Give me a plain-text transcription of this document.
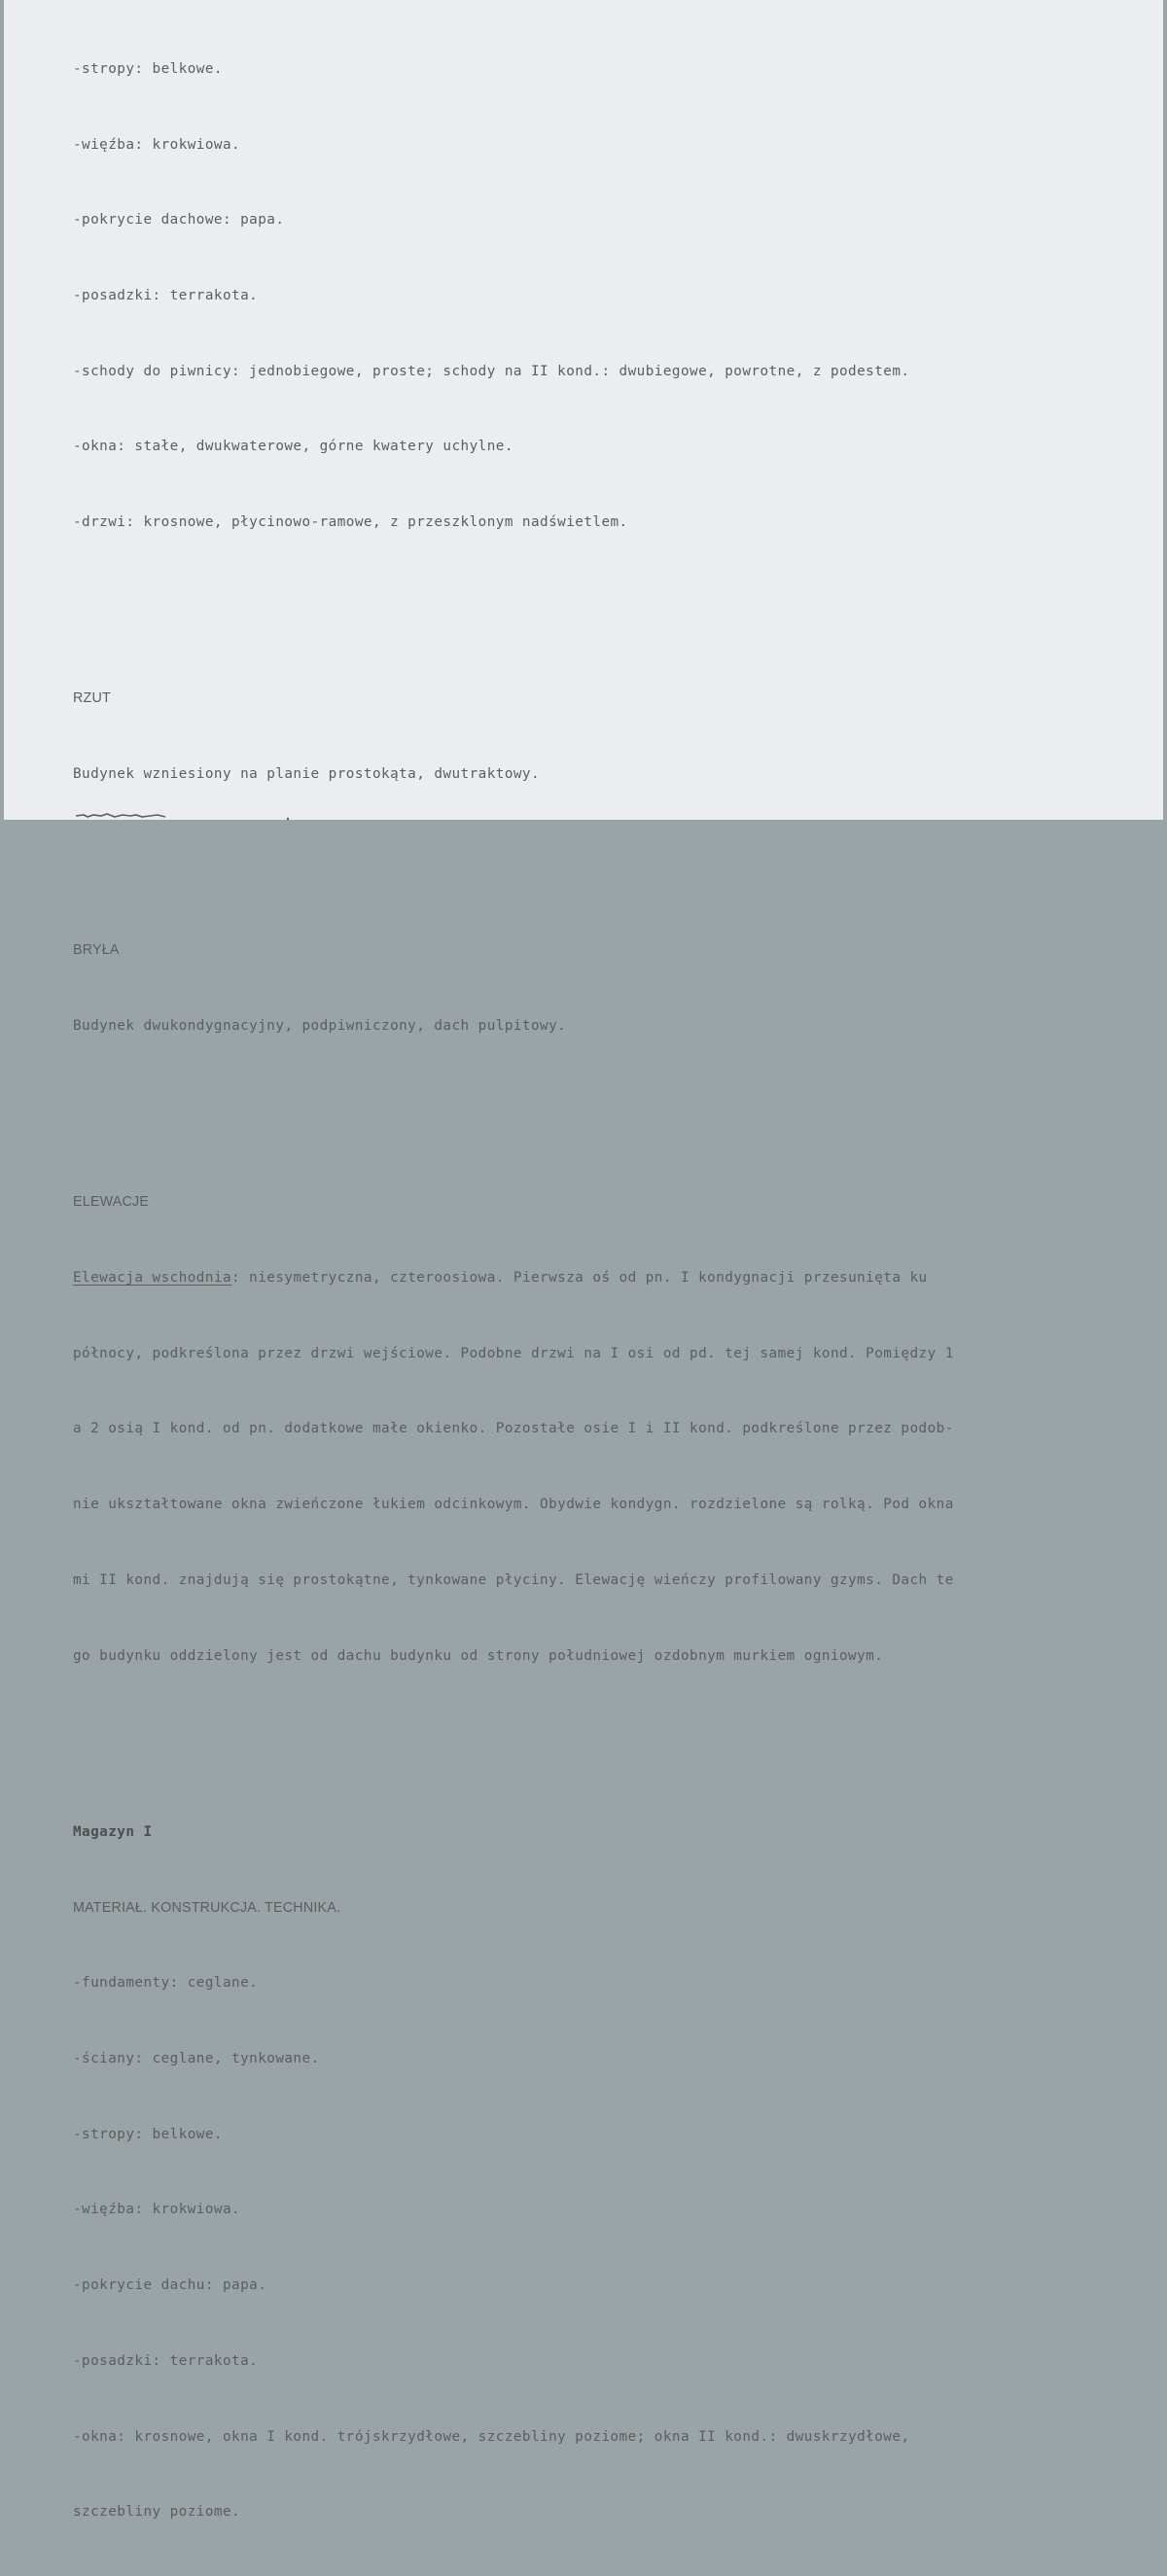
-stropy: belkowe.

-więźba: krokwiowa.

-pokrycie dachowe: papa.

-posadzki: terrakota.

-schody do piwnicy: jednobiegowe, proste; schody na II kond.: dwubiegowe, powrotne, z podestem.

-okna: stałe, dwukwaterowe, górne kwatery uchylne.

-drzwi: krosnowe, płycinowo-ramowe, z przeszklonym nadświetlem.

RZUT

Budynek wzniesiony na planie prostokąta, dwutraktowy.

BRYŁA

Budynek dwukondygnacyjny, podpiwniczony, dach pulpitowy.

ELEWACJE

Elewacja wschodnia: niesymetryczna, czteroosiowa. Pierwsza oś od pn. I kondygnacji przesunięta ku

północy, podkreślona przez drzwi wejściowe. Podobne drzwi na I osi od pd. tej samej kond. Pomiędzy 1

a 2 osią I kond. od pn. dodatkowe małe okienko. Pozostałe osie I i II kond. podkreślone przez podob-

nie ukształtowane okna zwieńczone łukiem odcinkowym. Obydwie kondygn. rozdzielone są rolką. Pod okna

mi II kond. znajdują się prostokątne, tynkowane płyciny. Elewację wieńczy profilowany gzyms. Dach te

go budynku oddzielony jest od dachu budynku od strony południowej ozdobnym murkiem ogniowym.

Magazyn I

MATERIAŁ. KONSTRUKCJA. TECHNIKA.

-fundamenty: ceglane.

-ściany: ceglane, tynkowane.

-stropy: belkowe.

-więźba: krokwiowa.

-pokrycie dachu: papa.

-posadzki: terrakota.

-okna: krosnowe, okna I kond. trójskrzydłowe, szczebliny poziome; okna II kond.: dwuskrzydłowe,

szczebliny poziome.
